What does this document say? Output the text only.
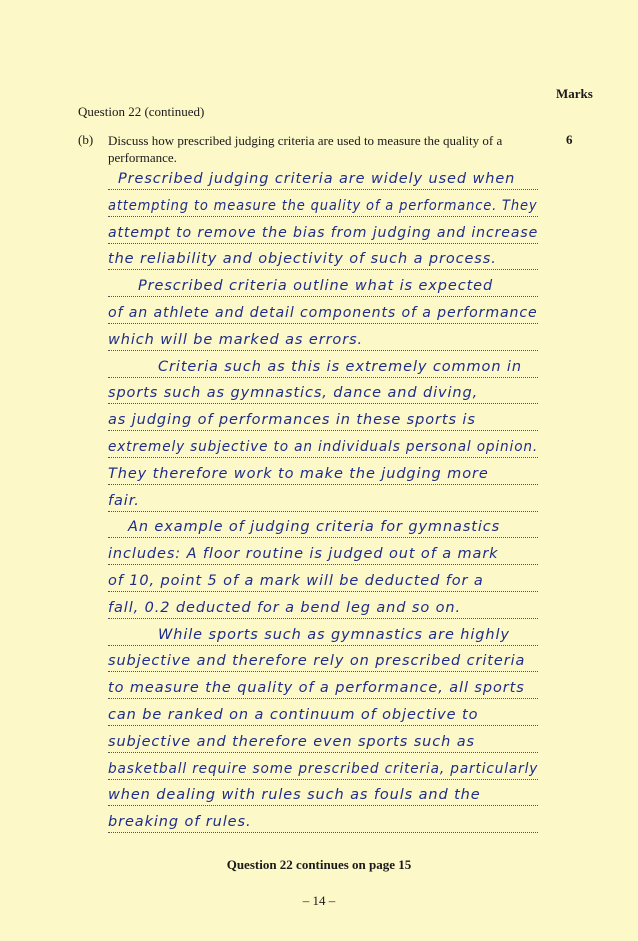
Marks
Question 22 (continued)
(b) Discuss how prescribed judging criteria are used to measure the quality of a performance.
6
Prescribed judging criteria are widely used when
attempting to measure the quality of a performance. They
attempt to remove the bias from judging and increase
the reliability and objectivity of such a process.
Prescribed criteria outline what is expected
of an athlete and detail components of a performance
which will be marked as errors.
Criteria such as this is extremely common in
sports such as gymnastics, dance and diving,
as judging of performances in these sports is
extremely subjective to an individuals personal opinion.
They therefore work to make the judging more
fair.
An example of judging criteria for gymnastics
includes: A floor routine is judged out of a mark
of 10, point 5 of a mark will be deducted for a
fall, 0.2 deducted for a bend leg and so on.
While sports such as gymnastics are highly
subjective and therefore rely on prescribed criteria
to measure the quality of a performance, all sports
can be ranked on a continuum of objective to
subjective and therefore even sports such as
basketball require some prescribed criteria, particularly
when dealing with rules such as fouls and the
breaking of rules.
Question 22 continues on page 15
– 14 –
